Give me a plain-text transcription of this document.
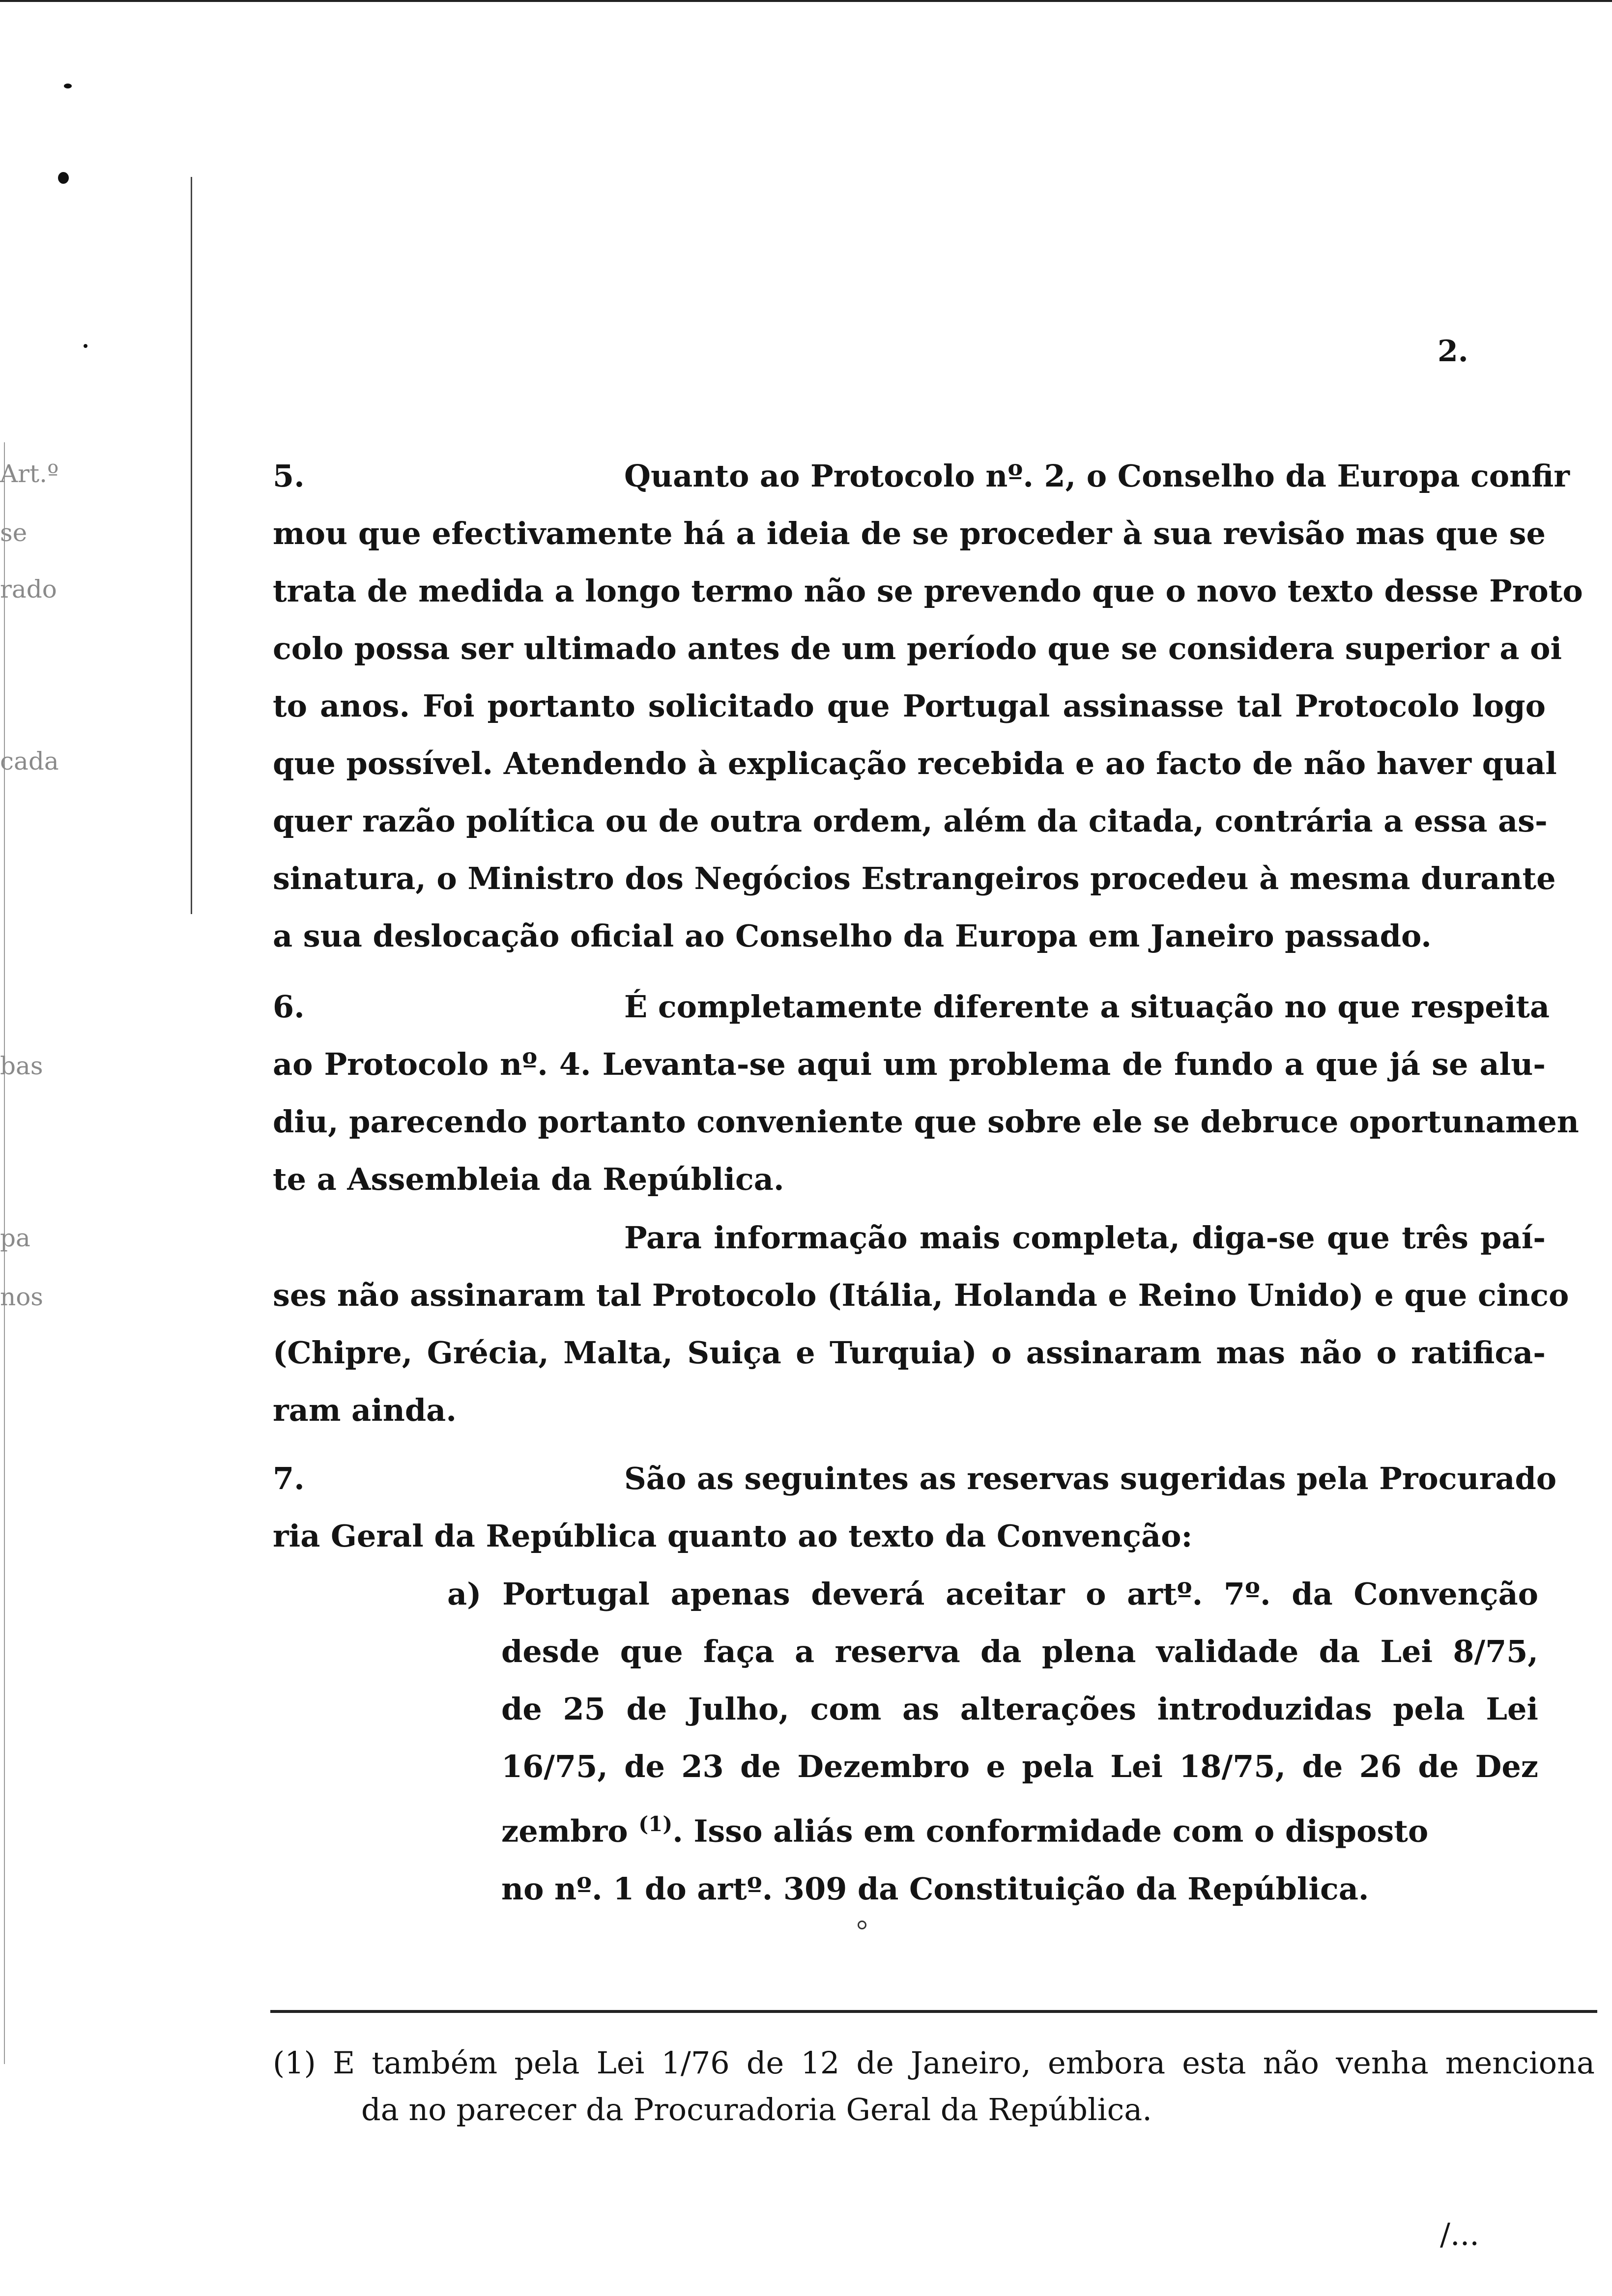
Art.º
se
rado
cada
bas
pa
nos
2.
5.	Quanto ao Protocolo nº. 2, o Conselho da Europa confir
mou que efectivamente há a ideia de se proceder à sua revisão mas que se
trata de medida a longo termo não se prevendo que o novo texto desse Proto
colo possa ser ultimado antes de um período que se considera superior a oi
to anos. Foi portanto solicitado que Portugal assinasse tal Protocolo logo
que possível. Atendendo à explicação recebida e ao facto de não haver qual
quer razão política ou de outra ordem, além da citada, contrária a essa as-
sinatura, o Ministro dos Negócios Estrangeiros procedeu à mesma durante
a sua deslocação oficial ao Conselho da Europa em Janeiro passado.
6.	É completamente diferente a situação no que respeita
ao Protocolo nº. 4. Levanta-se aqui um problema de fundo a que já se alu-
diu, parecendo portanto conveniente que sobre ele se debruce oportunamen
te a Assembleia da República.
Para informação mais completa, diga-se que três paí-
ses não assinaram tal Protocolo (Itália, Holanda e Reino Unido) e que cinco
(Chipre, Grécia, Malta, Suiça e Turquia) o assinaram mas não o ratifica-
ram ainda.
7.	São as seguintes as reservas sugeridas pela Procurado
ria Geral da República quanto ao texto da Convenção:
a) Portugal apenas deverá aceitar o artº. 7º. da Convenção
desde que faça a reserva da plena validade da Lei 8/75,
de 25 de Julho, com as alterações introduzidas pela Lei
16/75, de 23 de Dezembro e pela Lei 18/75, de 26 de Dez
zembro $^{(1)}$. Isso aliás em conformidade com o disposto
no nº. 1 do artº. 309 da Constituição da República.
(1) E também pela Lei 1/76 de 12 de Janeiro, embora esta não venha menciona
da no parecer da Procuradoria Geral da República.
/...
